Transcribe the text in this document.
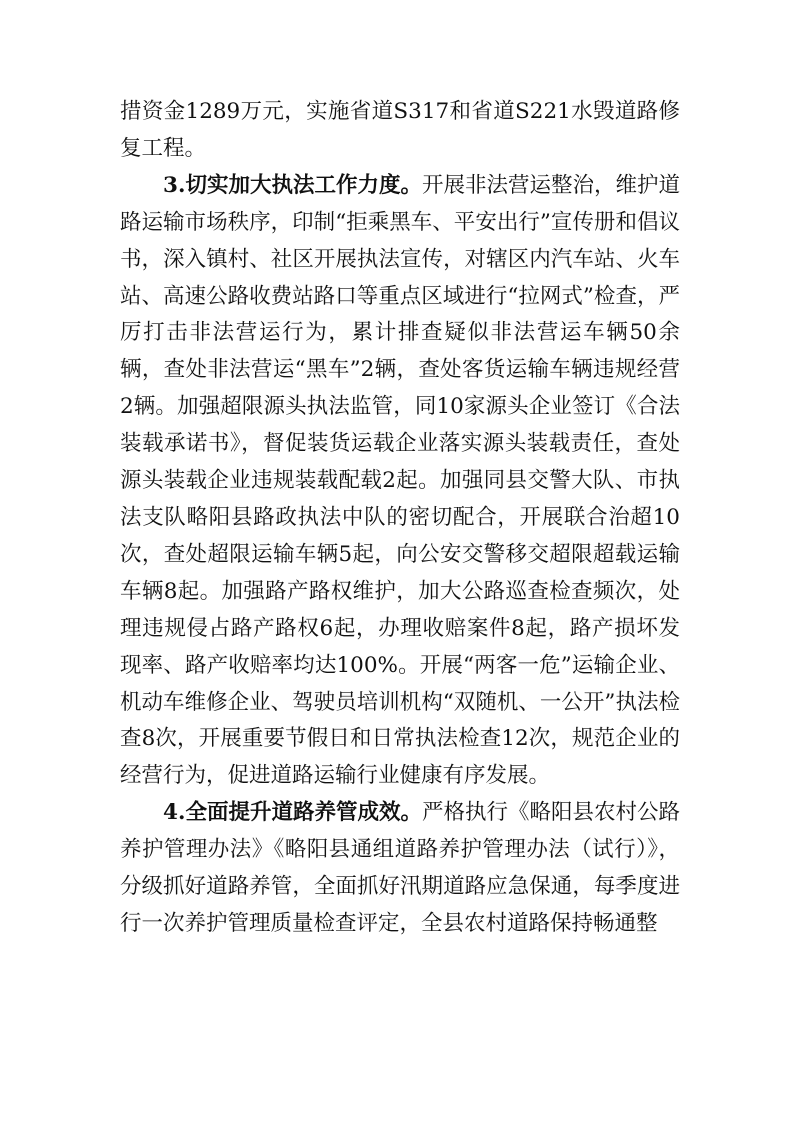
措资金1289万元，实施省道S317和省道S221水毁道路修复工程。

3.切实加大执法工作力度。开展非法营运整治，维护道路运输市场秩序，印制“拒乘黑车、平安出行”宣传册和倡议书，深入镇村、社区开展执法宣传，对辖区内汽车站、火车站、高速公路收费站路口等重点区域进行“拉网式”检查，严厉打击非法营运行为，累计排查疑似非法营运车辆50余辆，查处非法营运“黑车”2辆，查处客货运输车辆违规经营2辆。加强超限源头执法监管，同10家源头企业签订《合法装载承诺书》，督促装货运载企业落实源头装载责任，查处源头装载企业违规装载配载2起。加强同县交警大队、市执法支队略阳县路政执法中队的密切配合，开展联合治超10次，查处超限运输车辆5起，向公安交警移交超限超载运输车辆8起。加强路产路权维护，加大公路巡查检查频次，处理违规侵占路产路权6起，办理收赔案件8起，路产损坏发现率、路产收赔率均达100%。开展“两客一危”运输企业、机动车维修企业、驾驶员培训机构“双随机、一公开”执法检查8次，开展重要节假日和日常执法检查12次，规范企业的经营行为，促进道路运输行业健康有序发展。

4.全面提升道路养管成效。严格执行《略阳县农村公路养护管理办法》《略阳县通组道路养护管理办法（试行）》，分级抓好道路养管，全面抓好汛期道路应急保通，每季度进行一次养护管理质量检查评定，全县农村道路保持畅通整
